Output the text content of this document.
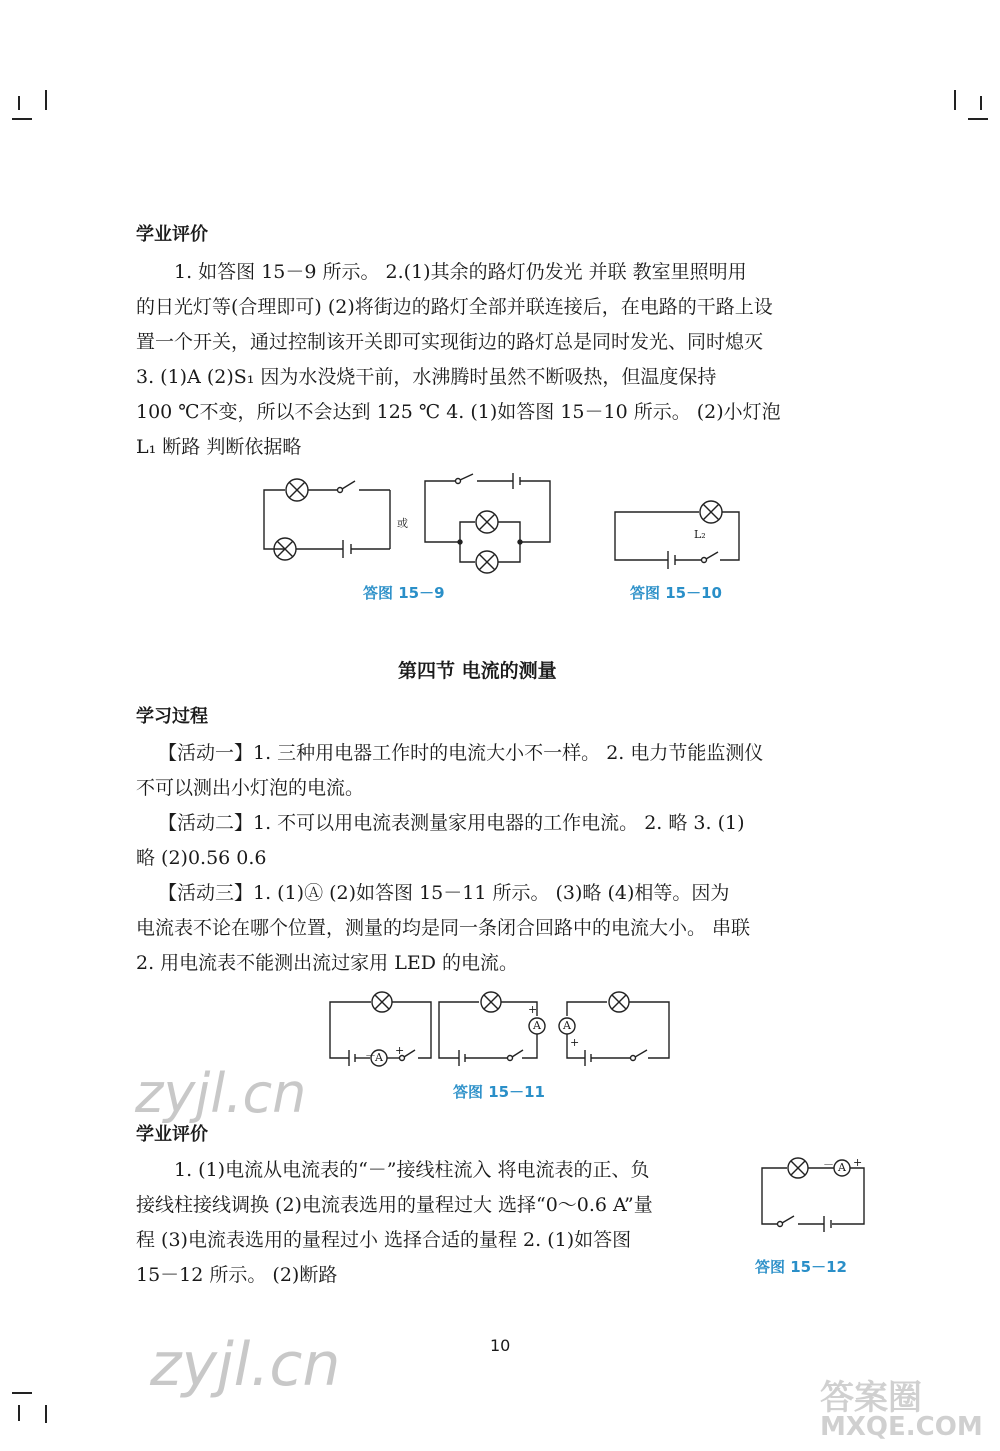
学业评价
1. 如答图 15－9 所示。 2.(1)其余的路灯仍发光 并联 教室里照明用
的日光灯等(合理即可) (2)将街边的路灯全部并联连接后，在电路的干路上设
置一个开关，通过控制该开关即可实现街边的路灯总是同时发光、同时熄灭
3. (1)A (2)S₁ 因为水没烧干前，水沸腾时虽然不断吸热，但温度保持
100 ℃不变，所以不会达到 125 ℃ 4. (1)如答图 15－10 所示。 (2)小灯泡
L₁ 断路 判断依据略
或
答图 15－9
L₂
答图 15－10
第四节 电流的测量
学习过程
【活动一】1. 三种用电器工作时的电流大小不一样。 2. 电力节能监测仪
不可以测出小灯泡的电流。
【活动二】1. 不可以用电流表测量家用电器的工作电流。 2. 略 3. (1)
略 (2)0.56 0.6
【活动三】1. (1)Ⓐ (2)如答图 15－11 所示。 (3)略 (4)相等。因为
电流表不论在哪个位置，测量的均是同一条闭合回路中的电流大小。 串联
2. 用电流表不能测出流过家用 LED 的电流。
A
－ +
A
+
A
+
答图 15－11
zyjl.cn
学业评价
1. (1)电流从电流表的“－”接线柱流入 将电流表的正、负
接线柱接线调换 (2)电流表选用的量程过大 选择“0～0.6 A”量
程 (3)电流表选用的量程过小 选择合适的量程 2. (1)如答图
15－12 所示。 (2)断路
A
－ +
答图 15－12
10
zyjl.cn	答案圈
MXQE.COM
